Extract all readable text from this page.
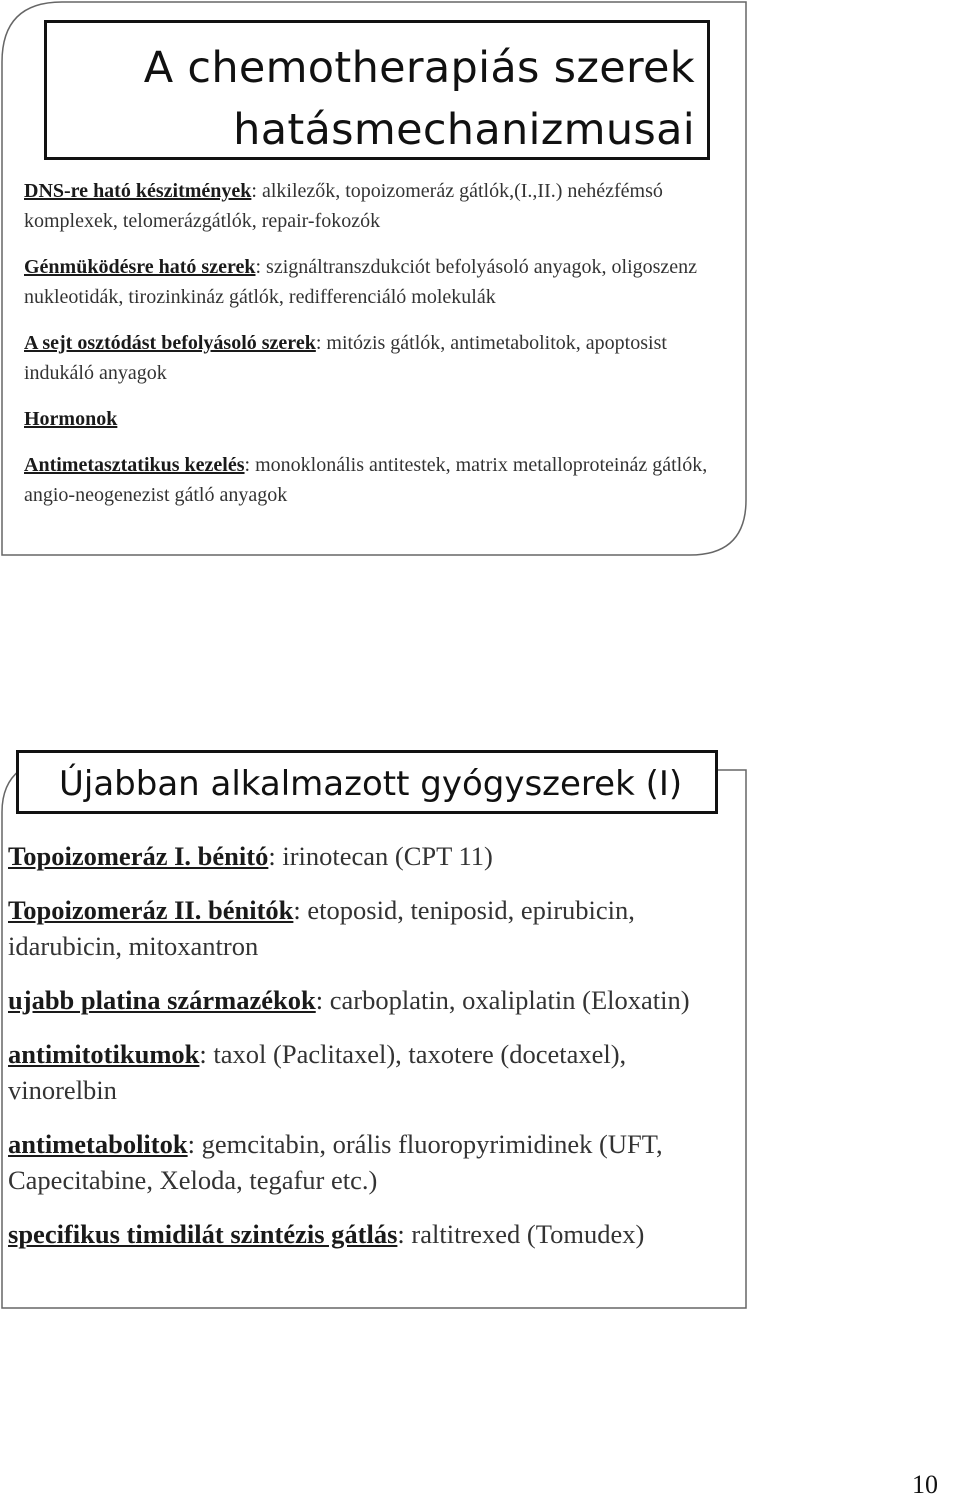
A chemotherapiás szerek
hatásmechanizmusai

DNS-re ható készitmények: alkilezők, topoizomeráz gátlók,(I.,II.) nehézfémsó komplexek, telomerázgátlók, repair-fokozók

Génmüködésre ható szerek: szignáltranszdukciót befolyásoló anyagok, oligoszenz nukleotidák, tirozinkináz gátlók, redifferenciáló molekulák

A sejt osztódást befolyásoló szerek: mitózis gátlók, antimetabolitok, apoptosist indukáló anyagok

Hormonok

Antimetasztatikus kezelés: monoklonális antitestek, matrix metalloproteináz gátlók, angio-neogenezist gátló anyagok

Újabban alkalmazott gyógyszerek (I)

Topoizomeráz I. bénitó: irinotecan (CPT 11)

Topoizomeráz II. bénitók: etoposid, teniposid, epirubicin, idarubicin, mitoxantron

ujabb platina származékok: carboplatin, oxaliplatin (Eloxatin)

antimitotikumok: taxol (Paclitaxel), taxotere (docetaxel), vinorelbin

antimetabolitok: gemcitabin, orális fluoropyrimidinek (UFT, Capecitabine, Xeloda, tegafur etc.)

specifikus timidilát szintézis gátlás: raltitrexed (Tomudex)

10
